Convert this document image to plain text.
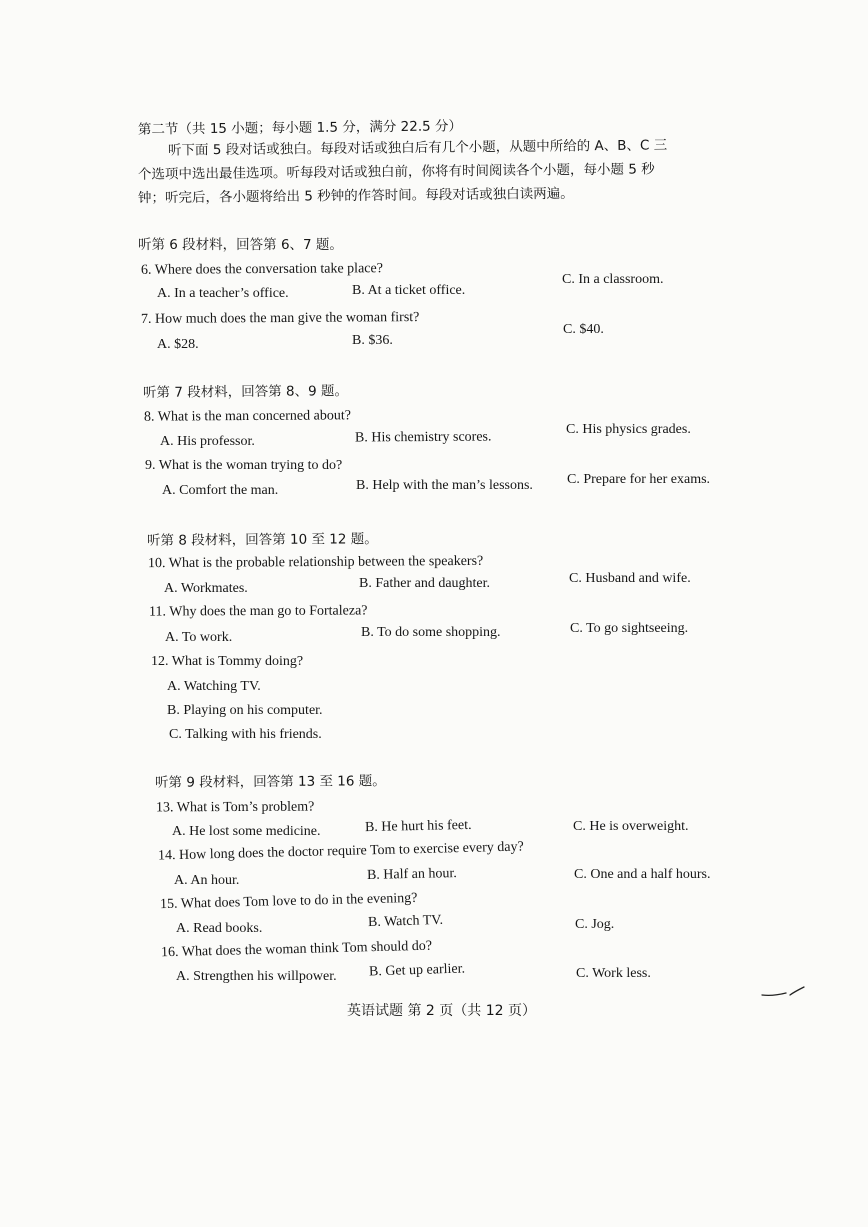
第二节（共 15 小题；每小题 1.5 分，满分 22.5 分）
听下面 5 段对话或独白。每段对话或独白后有几个小题，从题中所给的 A、B、C 三
个选项中选出最佳选项。听每段对话或独白前，你将有时间阅读各个小题，每小题 5 秒
钟；听完后，各小题将给出 5 秒钟的作答时间。每段对话或独白读两遍。
听第 6 段材料，回答第 6、7 题。
6. Where does the conversation take place?
A. In a teacher’s office.	B. At a ticket office.
C. In a classroom.
7. How much does the man give the woman first?
A. $28.	B. $36.
C. $40.
听第 7 段材料，回答第 8、9 题。
8. What is the man concerned about?
A. His professor.	B. His chemistry scores.
C. His physics grades.
9. What is the woman trying to do?
A. Comfort the man.	B. Help with the man’s lessons. C. Prepare for her exams.
听第 8 段材料，回答第 10 至 12 题。
10. What is the probable relationship between the speakers?
A. Workmates.	B. Father and daughter.	C. Husband and wife.
11. Why does the man go to Fortaleza?
A. To work.	B. To do some shopping.	C. To go sightseeing.
12. What is Tommy doing?
A. Watching TV.
B. Playing on his computer.
C. Talking with his friends.
听第 9 段材料，回答第 13 至 16 题。
13. What is Tom’s problem?
A. He lost some medicine.	B. He hurt his feet.	C. He is overweight.
14. How long does the doctor require Tom to exercise every day?
A. An hour.	B. Half an hour.	C. One and a half hours.
15. What does Tom love to do in the evening?
A. Read books.	B. Watch TV.	C. Jog.
16. What does the woman think Tom should do?
A. Strengthen his willpower. B. Get up earlier.	C. Work less.
英语试题 第 2 页（共 12 页）
